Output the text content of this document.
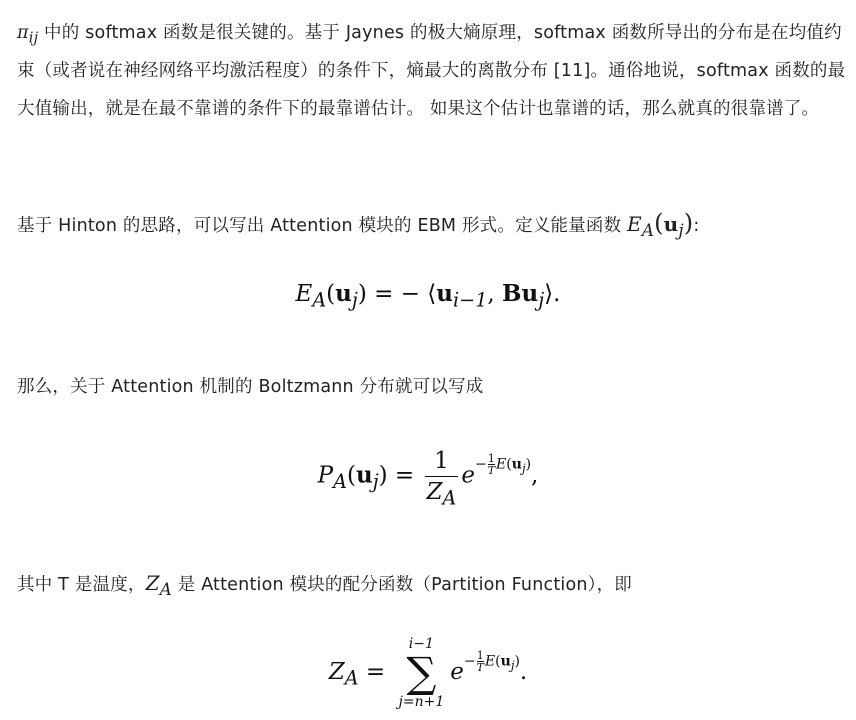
$\pi_{ij}$ 中的 softmax 函数是很关键的。基于 Jaynes 的极大熵原理，softmax 函数所导出的分布是在均值约束（或者说在神经网络平均激活程度）的条件下，熵最大的离散分布 [11]。通俗地说，softmax 函数的最大值输出，就是在最不靠谱的条件下的最靠谱估计。 如果这个估计也靠谱的话，那么就真的很靠谱了。

基于 Hinton 的思路，可以写出 Attention 模块的 EBM 形式。定义能量函数 $E_A(u_j)$:

$E_A(u_j)$ = − $⟨u_{i-1}$, $Bu_j⟩$.

那么，关于 Attention 机制的 Boltzmann 分布就可以写成

$P_A(u_j) = \frac{1}{Z_A} e- \frac{1}{T} E(u_j)$,

其中 T 是温度，$Z_A$ 是 Attention 模块的配分函数（Partition Function），即

$Z_A$ =
i−1
∑
j=n+1
$e- \frac{1}{T} E(u_j)$.
